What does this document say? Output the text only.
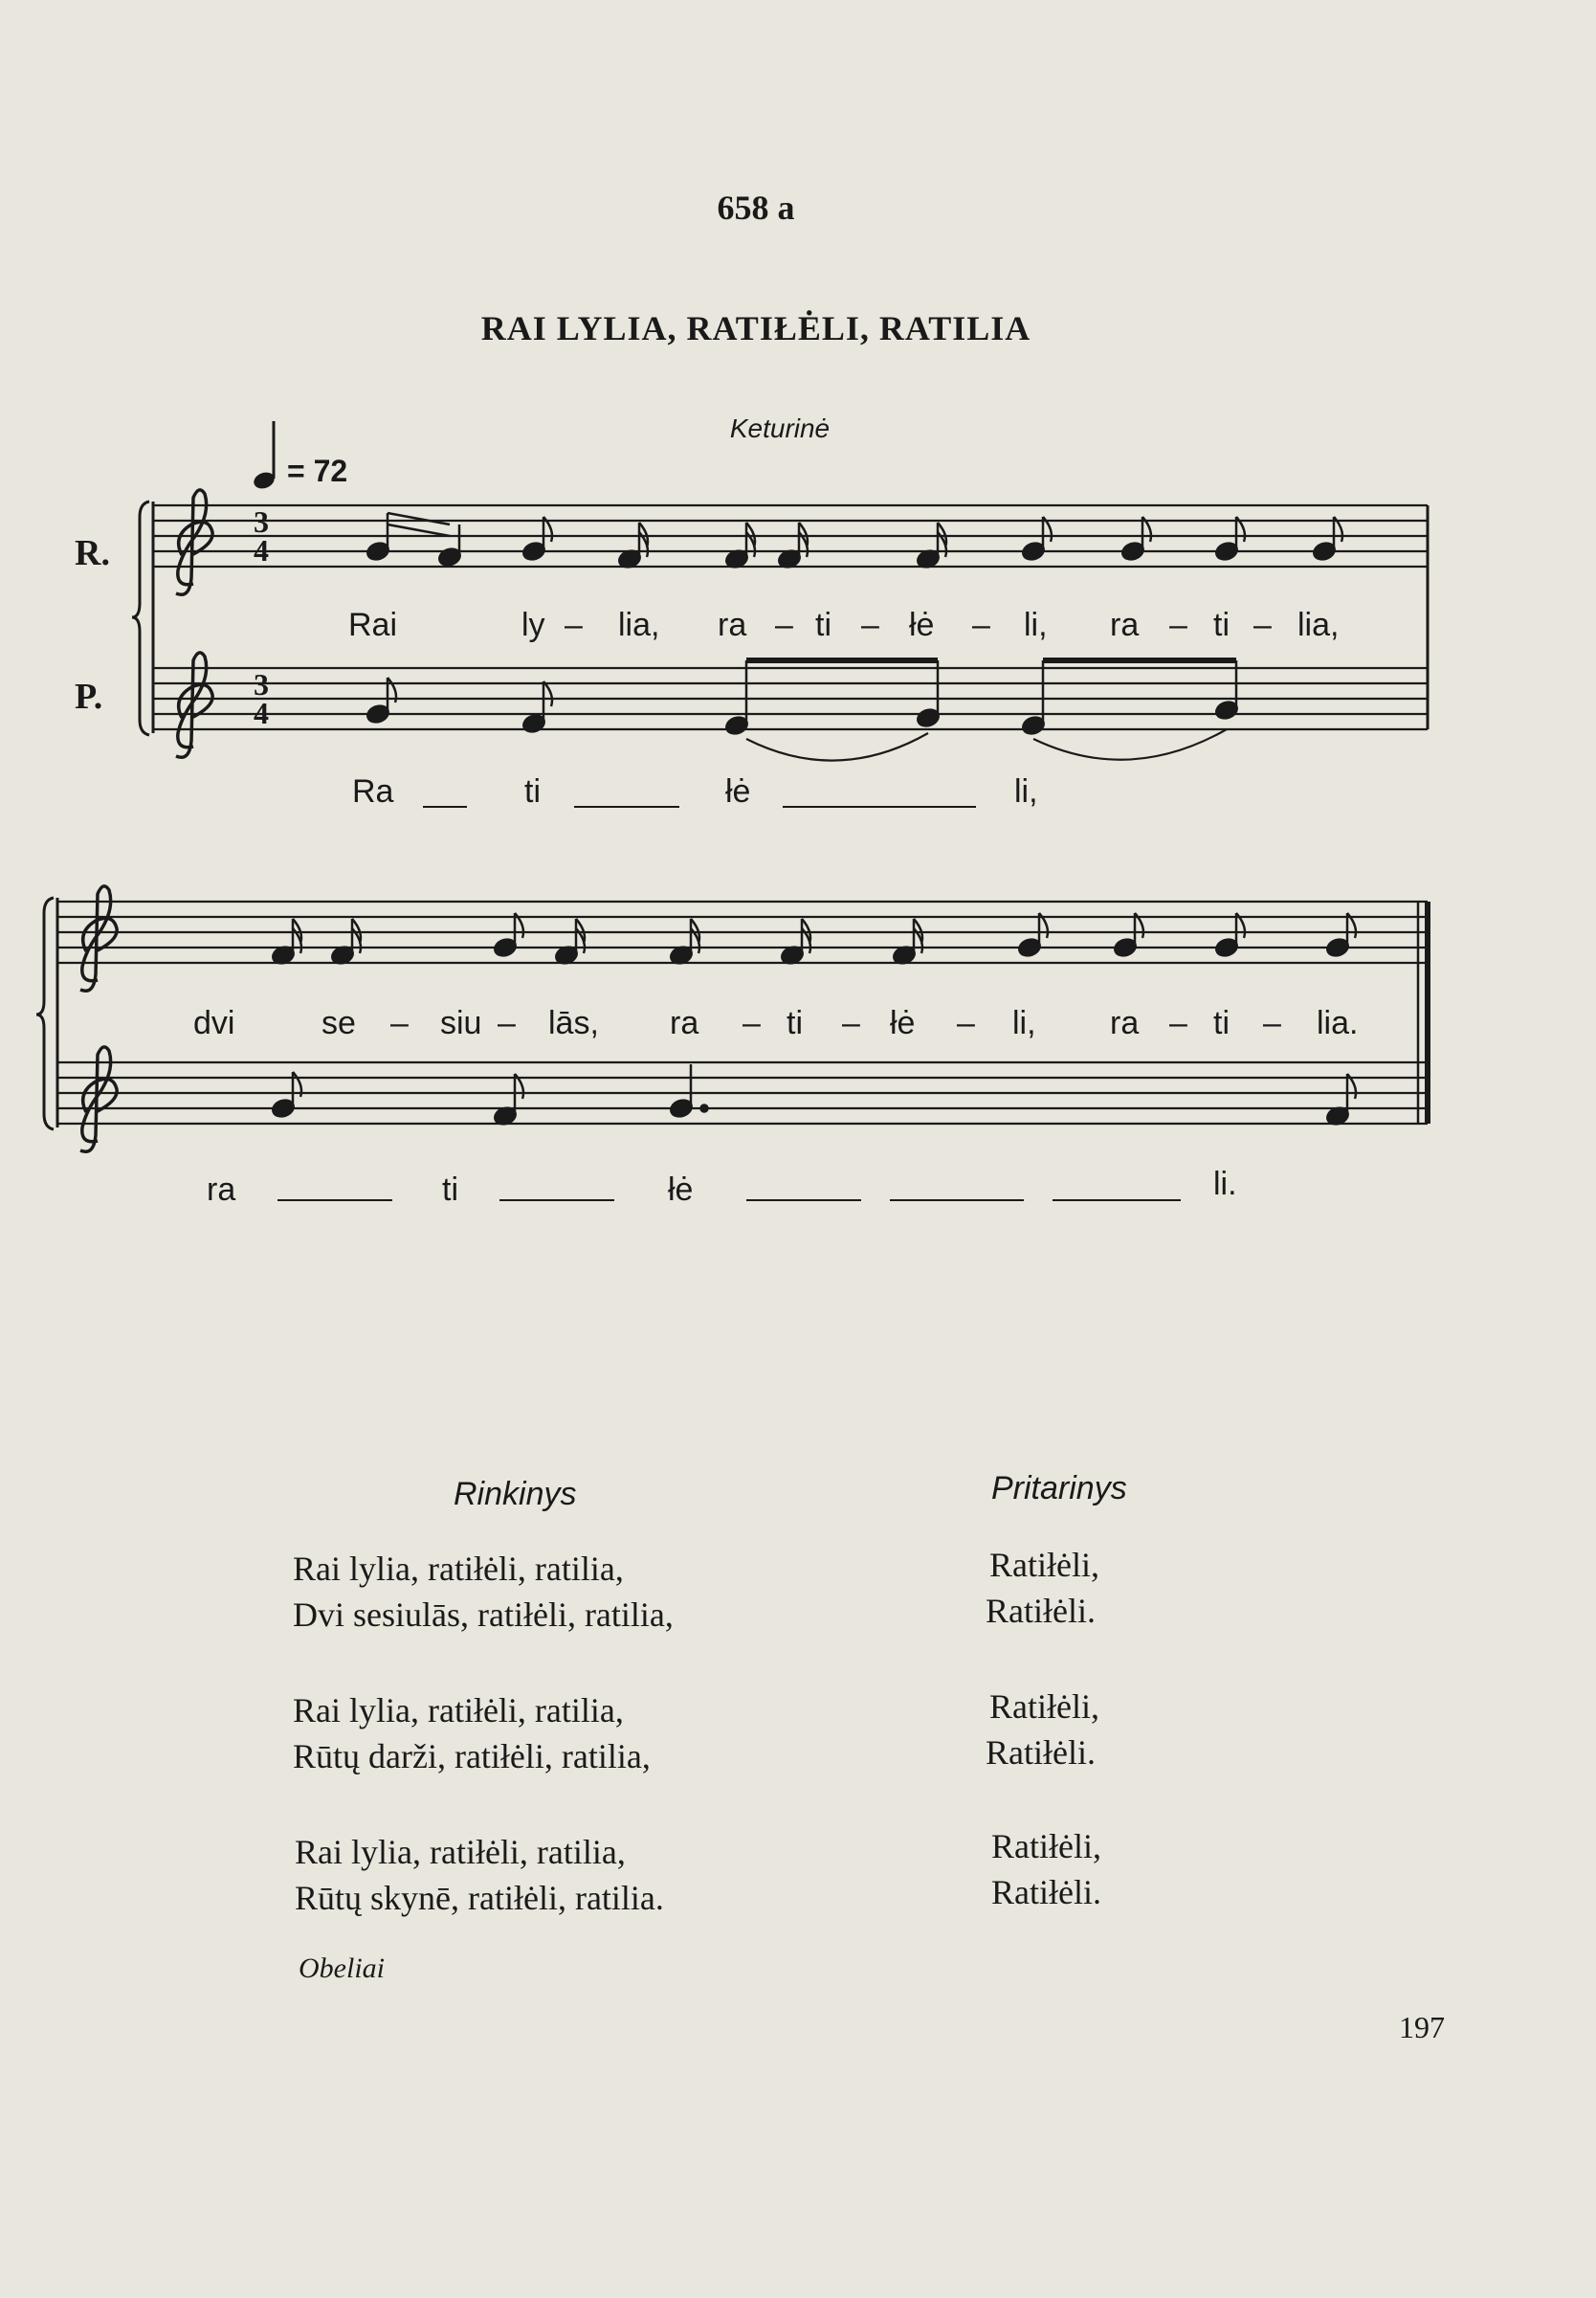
658 a
RAI LYLIA, RATIŁĖLI, RATILIA
Keturinė
= 72
R.
P.
3
4
3
4
Rai	ly lia, ra ti łė	li, ra ti lia,
–	– –	–	– –
Ra	ti	łė	li,
dvi	se	siu lās, ra	ti	łė	li, ra ti	lia.
–	–	–	–	–	– –
ra	ti	łė	li.
Rinkinys	Pritarinys
Rai lylia, ratiłėli, ratilia,
Dvi sesiulās, ratiłėli, ratilia,
Ratiłėli,
Ratiłėli.
Rai lylia, ratiłėli, ratilia,
Rūtų darži, ratiłėli, ratilia,
Ratiłėli,
Ratiłėli.
Rai lylia, ratiłėli, ratilia,
Rūtų skynē, ratiłėli, ratilia.
Ratiłėli,
Ratiłėli.
Obeliai
197
